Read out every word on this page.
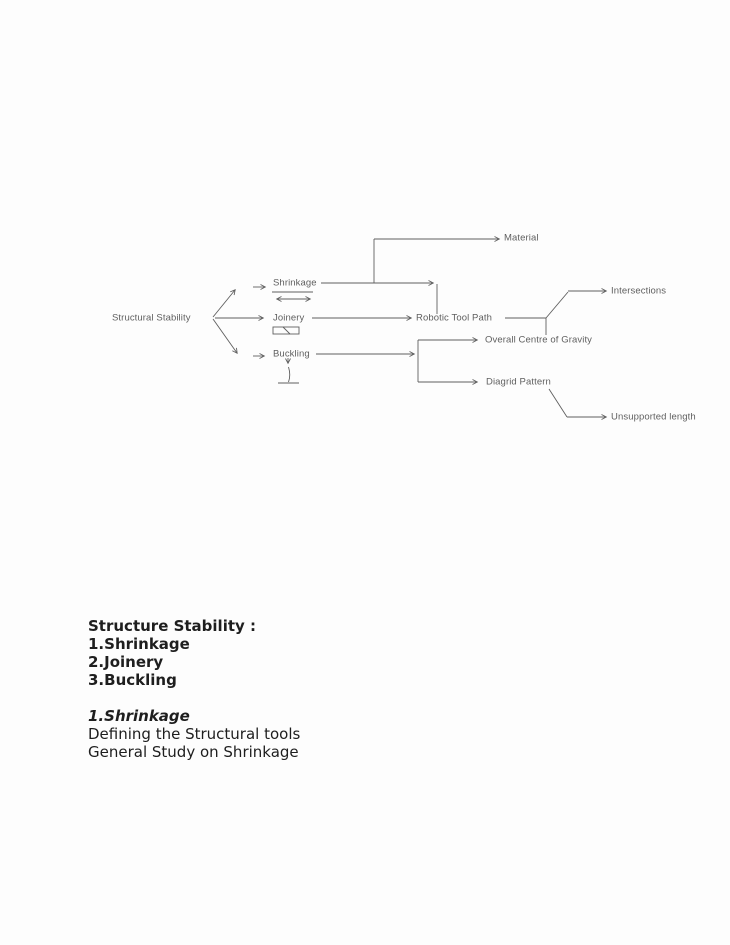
Structural Stability
Shrinkage
Joinery
Buckling
Material
Robotic Tool Path
Intersections
Overall Centre of Gravity
Diagrid Pattern
Unsupported length

Structure Stability :

1.Shrinkage

2.Joinery

3.Buckling

1.Shrinkage

Defining the Structural tools

General Study on Shrinkage
